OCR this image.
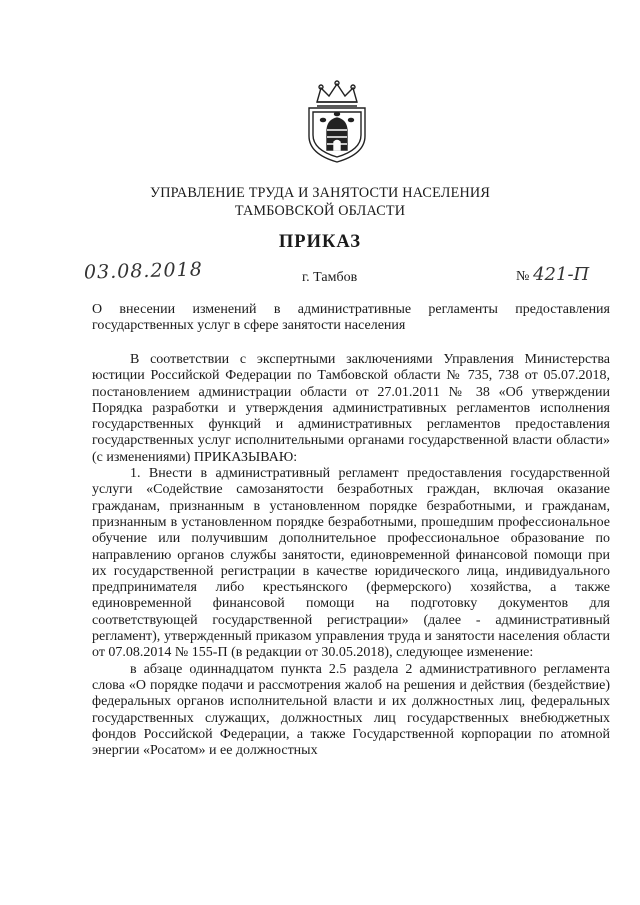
УПРАВЛЕНИЕ ТРУДА И ЗАНЯТОСТИ НАСЕЛЕНИЯ
ТАМБОВСКОЙ ОБЛАСТИ
ПРИКАЗ
03.08.2018	г. Тамбов	№ 421-П
О внесении изменений в административные регламенты предоставления государственных услуг в сфере занятости населения

В соответствии с экспертными заключениями Управления Министерства юстиции Российской Федерации по Тамбовской области № 735, 738 от 05.07.2018, постановлением администрации области от 27.01.2011 № 38 «Об утверждении Порядка разработки и утверждения административных регламентов исполнения государственных функций и административных регламентов предоставления государственных услуг исполнительными органами государственной власти области» (с изменениями) ПРИКАЗЫВАЮ:

1. Внести в административный регламент предоставления государственной услуги «Содействие самозанятости безработных граждан, включая оказание гражданам, признанным в установленном порядке безработными, и гражданам, признанным в установленном порядке безработными, прошедшим профессиональное обучение или получившим дополнительное профессиональное образование по направлению органов службы занятости, единовременной финансовой помощи при их государственной регистрации в качестве юридического лица, индивидуального предпринимателя либо крестьянского (фермерского) хозяйства, а также единовременной финансовой помощи на подготовку документов для соответствующей государственной регистрации» (далее - административный регламент), утвержденный приказом управления труда и занятости населения области от 07.08.2014 № 155-П (в редакции от 30.05.2018), следующее изменение:

в абзаце одиннадцатом пункта 2.5 раздела 2 административного регламента слова «О порядке подачи и рассмотрения жалоб на решения и действия (бездействие) федеральных органов исполнительной власти и их должностных лиц, федеральных государственных служащих, должностных лиц государственных внебюджетных фондов Российской Федерации, а также Государственной корпорации по атомной энергии «Росатом» и ее должностных
